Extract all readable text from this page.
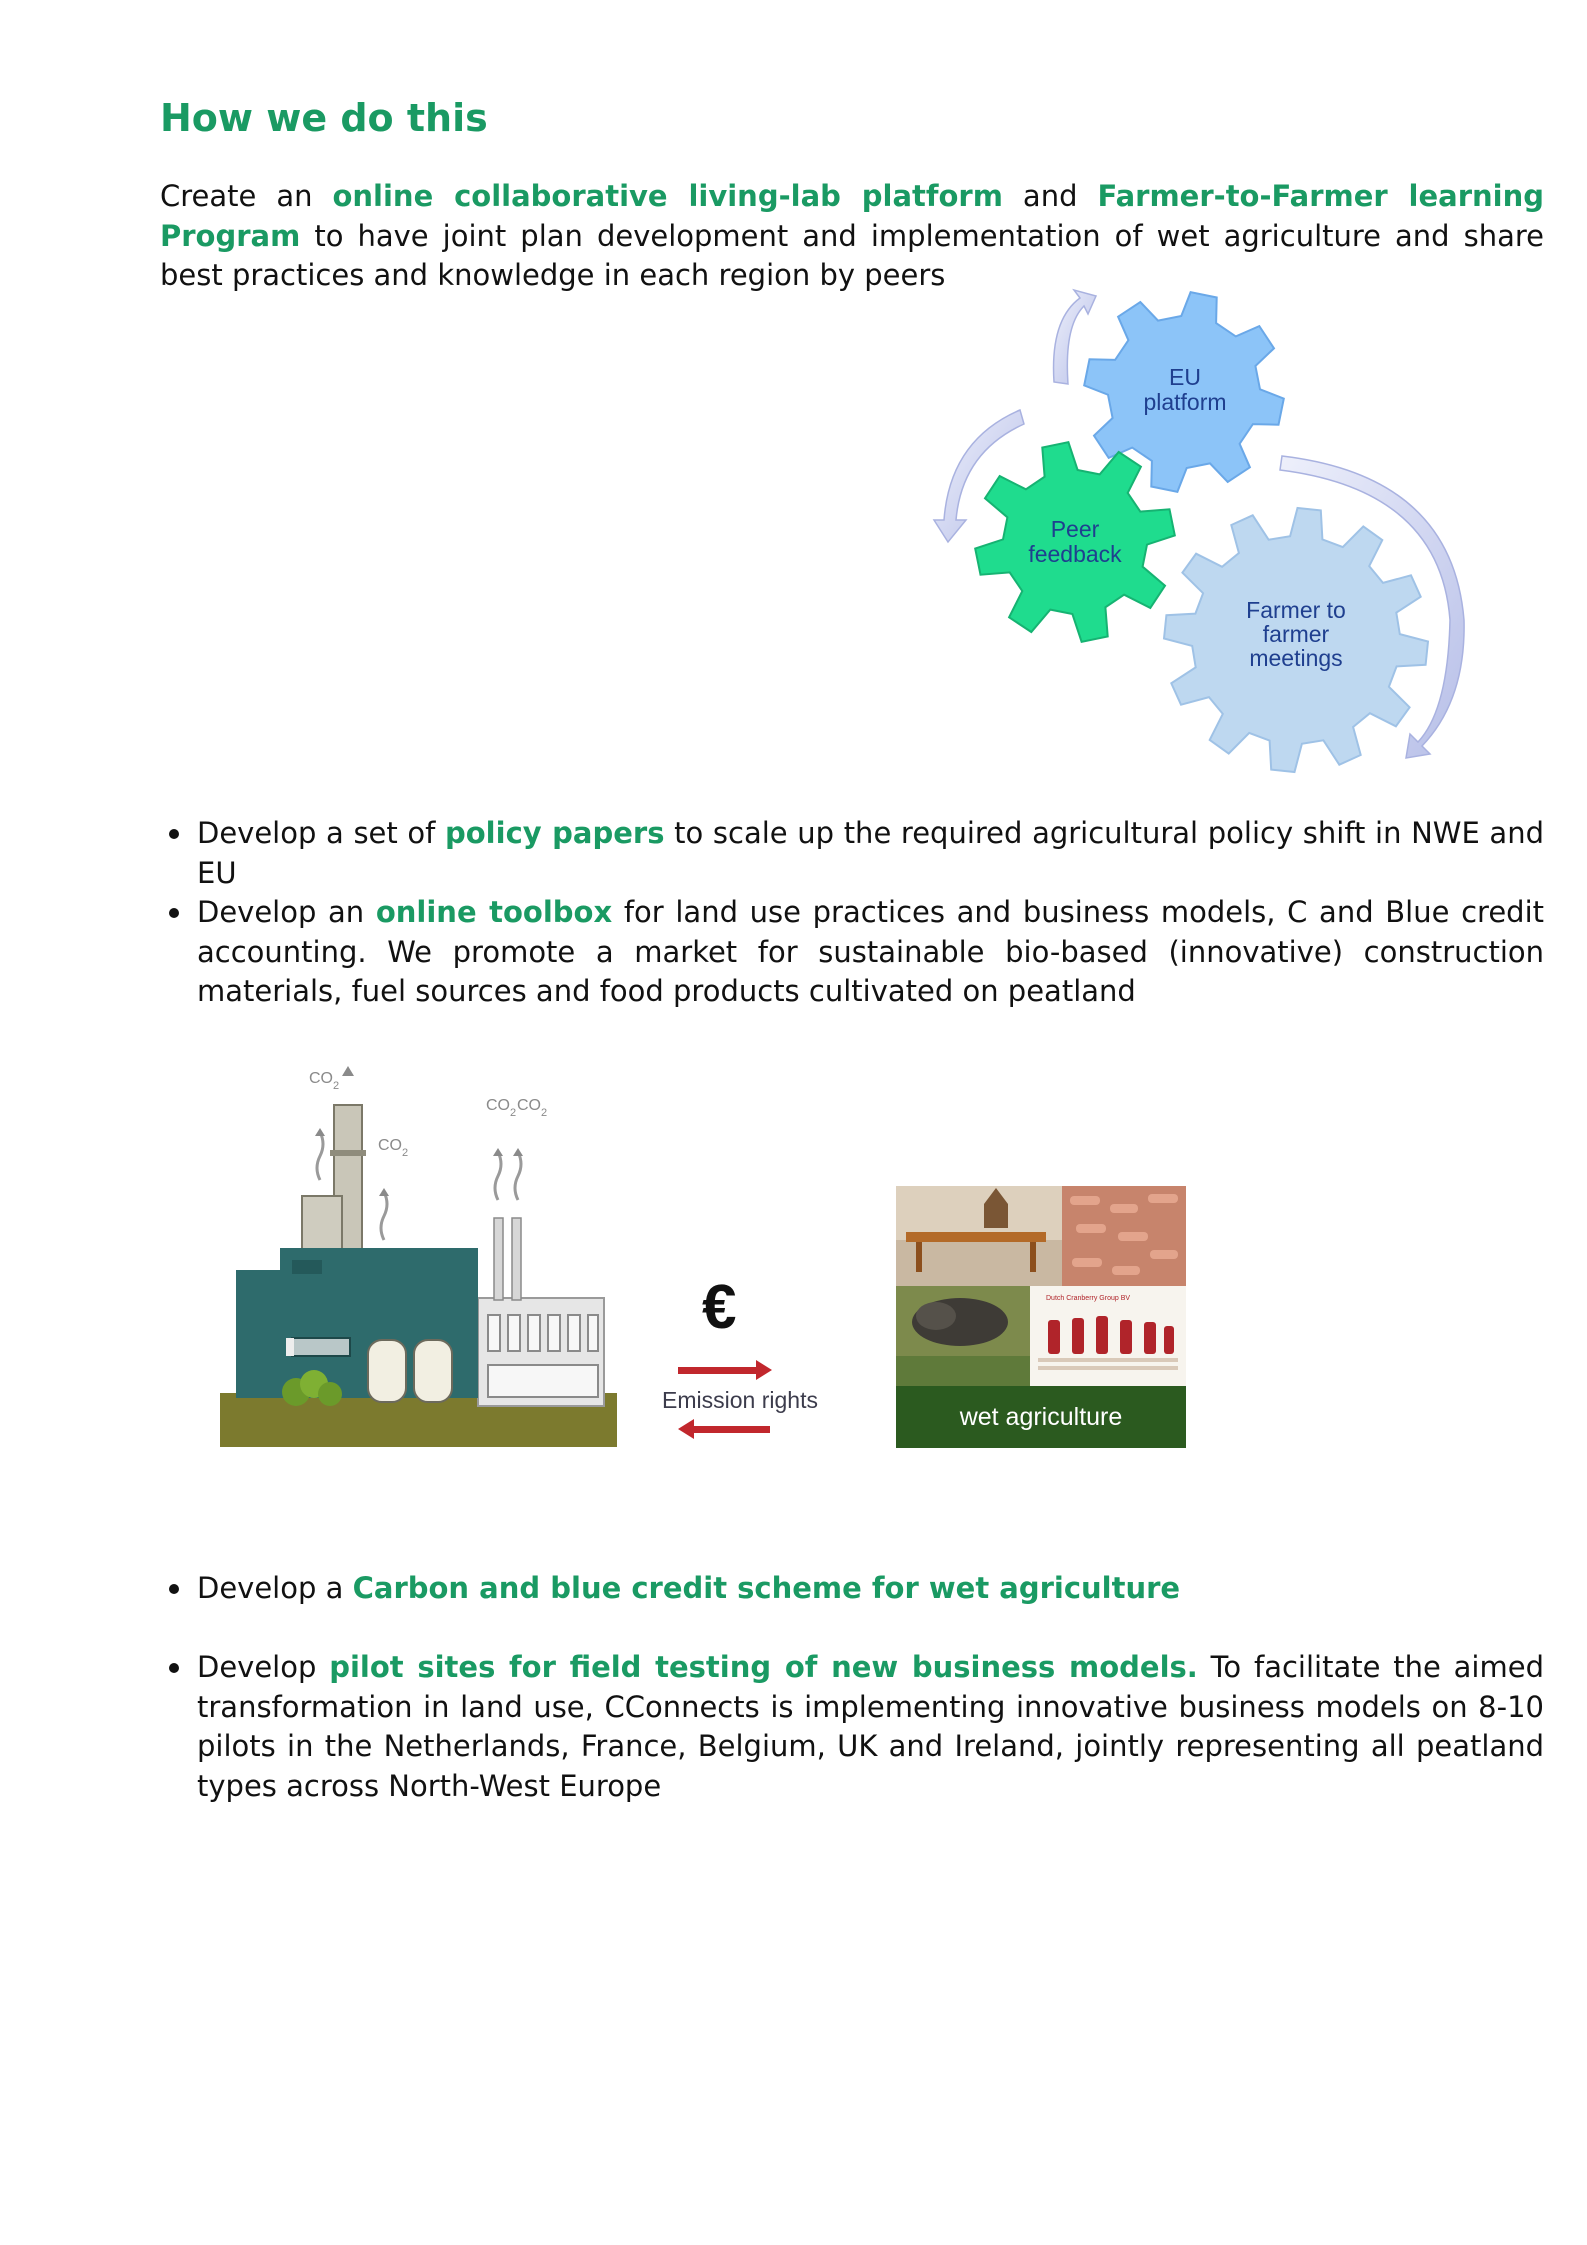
How we do this

Create an online collaborative living-lab platform and Farmer-to-Farmer learning Program to have joint plan development and implementation of wet agriculture and share best practices and knowledge in each region by peers

EU
platform
Peer
feedback
Farmer to
farmer
meetings

Develop a set of policy papers to scale up the required agricultural policy shift in NWE and EU

Develop an online toolbox for land use practices and business models, C and Blue credit accounting. We promote a market for sustainable bio-based (innovative) construction materials, fuel sources and food products cultivated on peatland

CO 2
CO 2
CO 2 CO 2
€
Emission rights
Dutch Cranberry Group BV
wet agriculture

Develop a Carbon and blue credit scheme for wet agriculture

Develop pilot sites for field testing of new business models. To facilitate the aimed transformation in land use, CConnects is implementing innovative business models on 8-10 pilots in the Netherlands, France, Belgium, UK and Ireland, jointly representing all peatland types across North-West Europe
